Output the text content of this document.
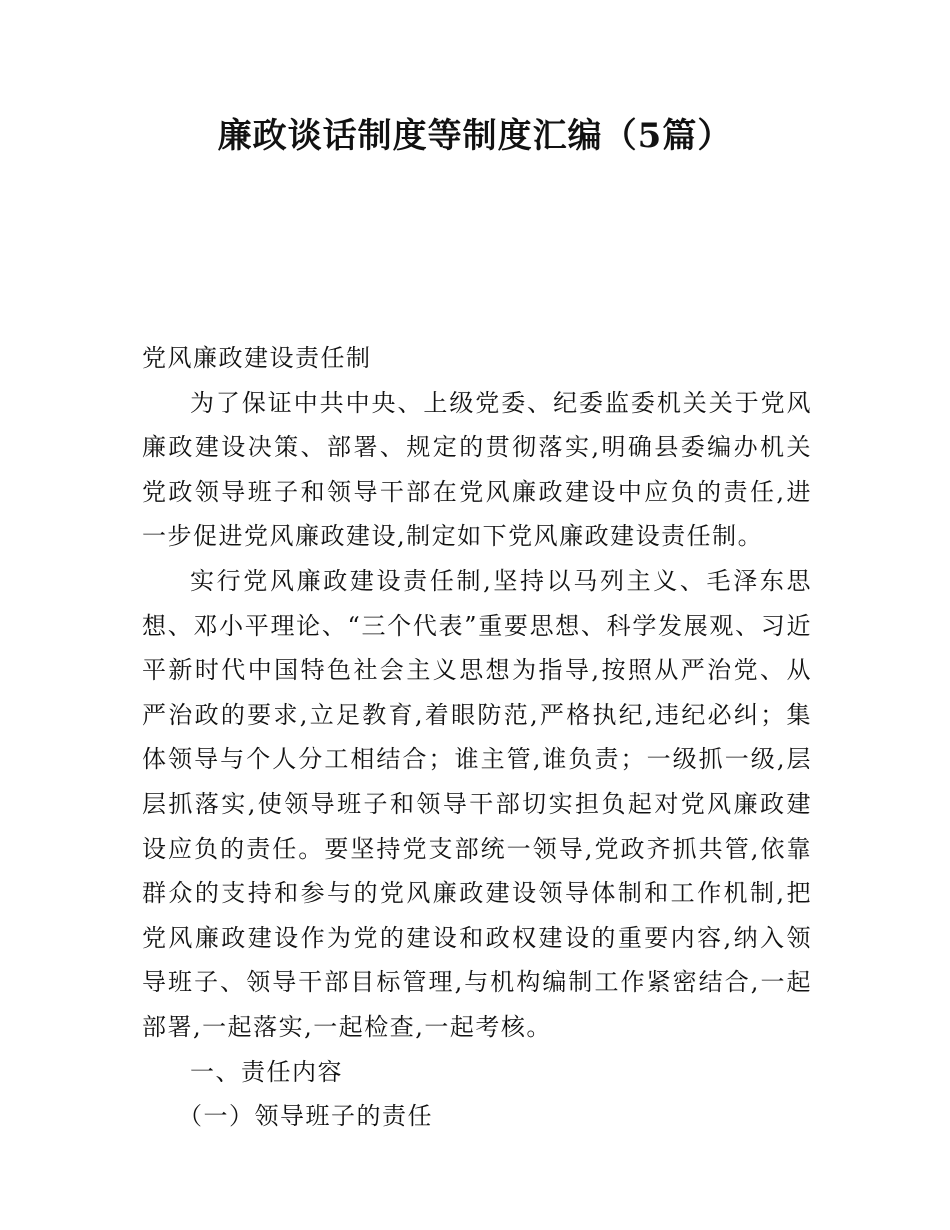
廉政谈话制度等制度汇编（5篇）

党风廉政建设责任制

为了保证中共中央、上级党委、纪委监委机关关于党风廉政建设决策、部署、规定的贯彻落实,明确县委编办机关党政领导班子和领导干部在党风廉政建设中应负的责任,进一步促进党风廉政建设,制定如下党风廉政建设责任制。

实行党风廉政建设责任制,坚持以马列主义、毛泽东思想、邓小平理论、“三个代表”重要思想、科学发展观、习近平新时代中国特色社会主义思想为指导,按照从严治党、从严治政的要求,立足教育,着眼防范,严格执纪,违纪必纠；集体领导与个人分工相结合；谁主管,谁负责；一级抓一级,层层抓落实,使领导班子和领导干部切实担负起对党风廉政建设应负的责任。要坚持党支部统一领导,党政齐抓共管,依靠群众的支持和参与的党风廉政建设领导体制和工作机制,把党风廉政建设作为党的建设和政权建设的重要内容,纳入领导班子、领导干部目标管理,与机构编制工作紧密结合,一起部署,一起落实,一起检查,一起考核。

一、责任内容

（一）领导班子的责任
